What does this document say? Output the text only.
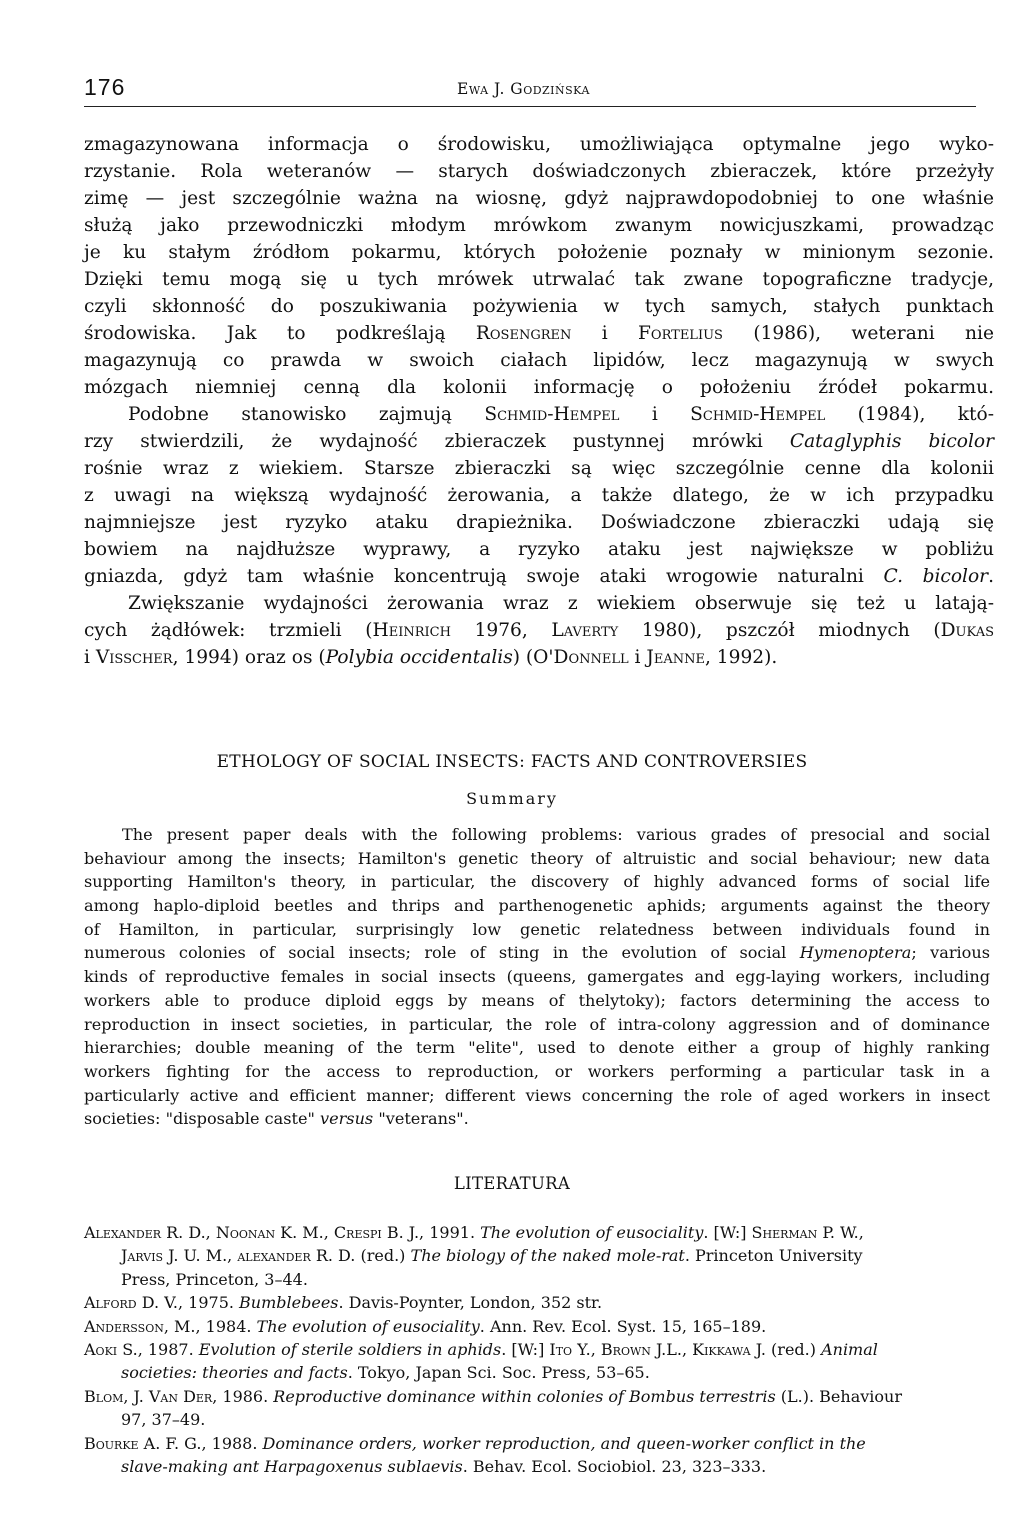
176	Ewa J. Godzińska
zmagazynowana informacja o środowisku, umożliwiająca optymalne jego wyko-
rzystanie. Rola weteranów — starych doświadczonych zbieraczek, które przeżyły
zimę — jest szczególnie ważna na wiosnę, gdyż najprawdopodobniej to one właśnie
służą jako przewodniczki młodym mrówkom zwanym nowicjuszkami, prowadząc
je ku stałym źródłom pokarmu, których położenie poznały w minionym sezonie.
Dzięki temu mogą się u tych mrówek utrwalać tak zwane topograficzne tradycje,
czyli skłonność do poszukiwania pożywienia w tych samych, stałych punktach
środowiska. Jak to podkreślają Rosengren i Fortelius (1986), weterani nie
magazynują co prawda w swoich ciałach lipidów, lecz magazynują w swych
mózgach niemniej cenną dla kolonii informację o położeniu źródeł pokarmu.
Podobne stanowisko zajmują Schmid-Hempel i Schmid-Hempel (1984), któ-
rzy stwierdzili, że wydajność zbieraczek pustynnej mrówki Cataglyphis bicolor
rośnie wraz z wiekiem. Starsze zbieraczki są więc szczególnie cenne dla kolonii
z uwagi na większą wydajność żerowania, a także dlatego, że w ich przypadku
najmniejsze jest ryzyko ataku drapieżnika. Doświadczone zbieraczki udają się
bowiem na najdłuższe wyprawy, a ryzyko ataku jest największe w pobliżu
gniazda, gdyż tam właśnie koncentrują swoje ataki wrogowie naturalni C. bicolor.
Zwiększanie wydajności żerowania wraz z wiekiem obserwuje się też u latają-
cych żądłówek: trzmieli (Heinrich 1976, Laverty 1980), pszczół miodnych (Dukas
i Visscher, 1994) oraz os (Polybia occidentalis) (O'Donnell i Jeanne, 1992).
ETHOLOGY OF SOCIAL INSECTS: FACTS AND CONTROVERSIES
Summary
The present paper deals with the following problems: various grades of presocial and social
behaviour among the insects; Hamilton's genetic theory of altruistic and social behaviour; new data
supporting Hamilton's theory, in particular, the discovery of highly advanced forms of social life
among haplo-diploid beetles and thrips and parthenogenetic aphids; arguments against the theory
of Hamilton, in particular, surprisingly low genetic relatedness between individuals found in
numerous colonies of social insects; role of sting in the evolution of social Hymenoptera; various
kinds of reproductive females in social insects (queens, gamergates and egg-laying workers, including
workers able to produce diploid eggs by means of thelytoky); factors determining the access to
reproduction in insect societies, in particular, the role of intra-colony aggression and of dominance
hierarchies; double meaning of the term "elite", used to denote either a group of highly ranking
workers fighting for the access to reproduction, or workers performing a particular task in a
particularly active and efficient manner; different views concerning the role of aged workers in insect
societies: "disposable caste" versus "veterans".
LITERATURA
Alexander R. D., Noonan K. M., Crespi B. J., 1991. The evolution of eusociality. [W:] Sherman P. W.,
Jarvis J. U. M., alexander R. D. (red.) The biology of the naked mole-rat. Princeton University
Press, Princeton, 3–44.
Alford D. V., 1975. Bumblebees. Davis-Poynter, London, 352 str.
Andersson, M., 1984. The evolution of eusociality. Ann. Rev. Ecol. Syst. 15, 165–189.
Aoki S., 1987. Evolution of sterile soldiers in aphids. [W:] Ito Y., Brown J.L., Kikkawa J. (red.) Animal
societies: theories and facts. Tokyo, Japan Sci. Soc. Press, 53–65.
Blom, J. Van Der, 1986. Reproductive dominance within colonies of Bombus terrestris (L.). Behaviour
97, 37–49.
Bourke A. F. G., 1988. Dominance orders, worker reproduction, and queen-worker conflict in the
slave-making ant Harpagoxenus sublaevis. Behav. Ecol. Sociobiol. 23, 323–333.
